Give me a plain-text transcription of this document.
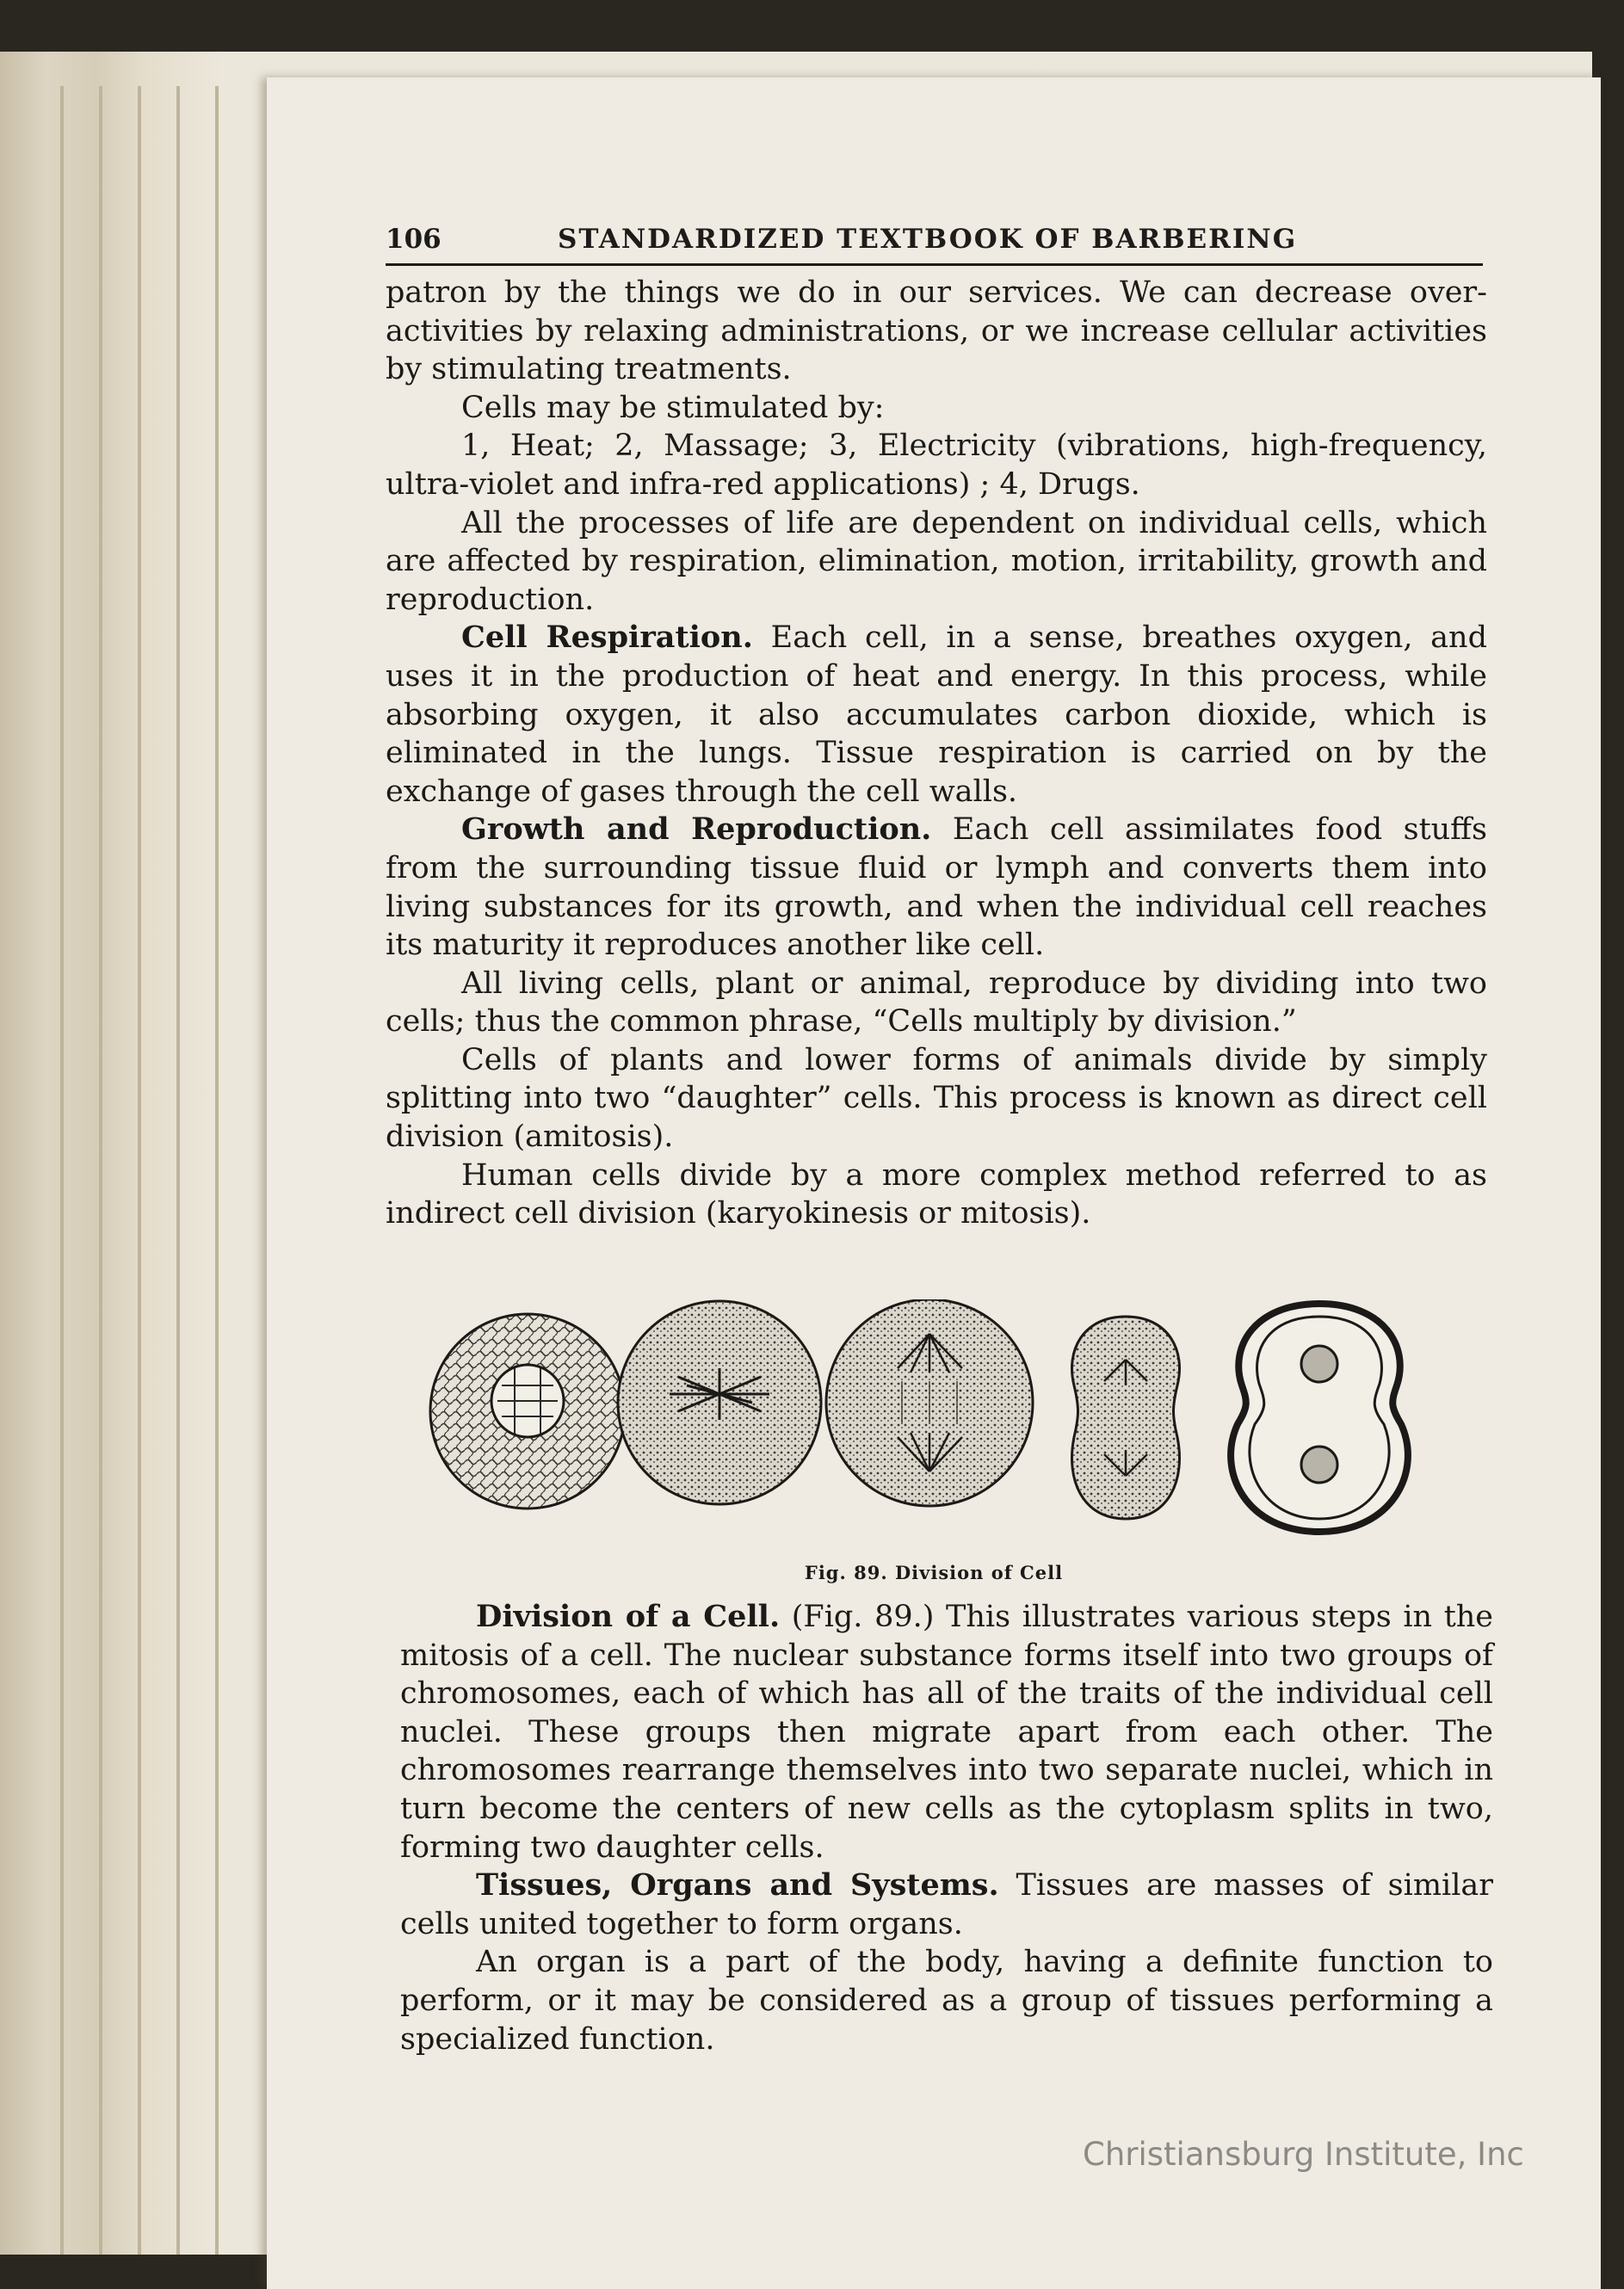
106	STANDARDIZED TEXTBOOK OF BARBERING

patron by the things we do in our services. We can decrease over-activities by relaxing administrations, or we increase cellular activities by stimulating treatments.

Cells may be stimulated by:

1, Heat; 2, Massage; 3, Electricity (vibrations, high-frequency, ultra-violet and infra-red applications) ; 4, Drugs.

All the processes of life are dependent on individual cells, which are affected by respiration, elimination, motion, irritability, growth and reproduction.

Cell Respiration. Each cell, in a sense, breathes oxygen, and uses it in the production of heat and energy. In this process, while absorbing oxygen, it also accumulates carbon dioxide, which is eliminated in the lungs. Tissue respiration is carried on by the exchange of gases through the cell walls.

Growth and Reproduction. Each cell assimilates food stuffs from the surrounding tissue fluid or lymph and converts them into living substances for its growth, and when the individual cell reaches its maturity it reproduces another like cell.

All living cells, plant or animal, reproduce by dividing into two cells; thus the common phrase, “Cells multiply by division.”

Cells of plants and lower forms of animals divide by simply splitting into two “daughter” cells. This process is known as direct cell division (amitosis).

Human cells divide by a more complex method referred to as indirect cell division (karyokinesis or mitosis).

Fig. 89. Division of Cell

Division of a Cell. (Fig. 89.) This illustrates various steps in the mitosis of a cell. The nuclear substance forms itself into two groups of chromosomes, each of which has all of the traits of the individual cell nuclei. These groups then migrate apart from each other. The chromosomes rearrange themselves into two separate nuclei, which in turn become the centers of new cells as the cytoplasm splits in two, forming two daughter cells.

Tissues, Organs and Systems. Tissues are masses of similar cells united together to form organs.

An organ is a part of the body, having a definite function to perform, or it may be considered as a group of tissues performing a specialized function.

Christiansburg Institute, Inc
